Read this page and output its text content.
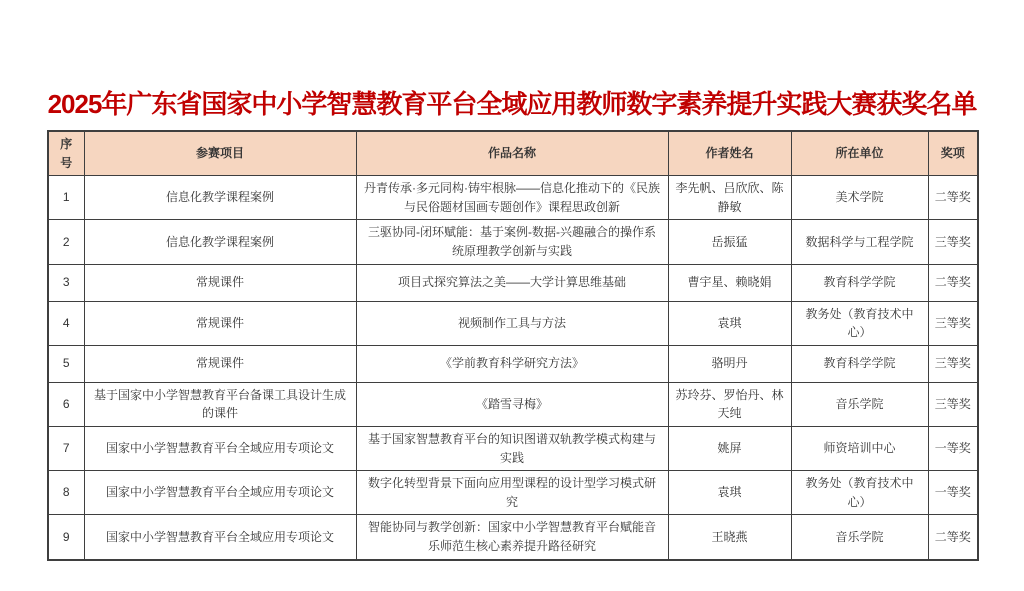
2025年广东省国家中小学智慧教育平台全域应用教师数字素养提升实践大赛获奖名单
序号	参赛项目	作品名称	作者姓名	所在单位	奖项
1	信息化教学课程案例	丹青传承·多元同构·铸牢根脉——信息化推动下的《民族与民俗题材国画专题创作》课程思政创新	李先帆、吕欣欣、陈静敏	美术学院	二等奖
2	信息化教学课程案例	三驱协同-闭环赋能：基于案例-数据-兴趣融合的操作系统原理教学创新与实践	岳振猛	数据科学与工程学院	三等奖
3	常规课件	项目式探究算法之美——大学计算思维基础	曹宇星、赖晓娟	教育科学学院	二等奖
4	常规课件	视频制作工具与方法	袁琪	教务处（教育技术中心）	三等奖
5	常规课件	《学前教育科学研究方法》	骆明丹	教育科学学院	三等奖
6	基于国家中小学智慧教育平台备课工具设计生成的课件	《踏雪寻梅》	苏玲芬、罗怡丹、林天纯	音乐学院	三等奖
7	国家中小学智慧教育平台全域应用专项论文	基于国家智慧教育平台的知识图谱双轨教学模式构建与实践	姚屏	师资培训中心	一等奖
8	国家中小学智慧教育平台全域应用专项论文	数字化转型背景下面向应用型课程的设计型学习模式研究	袁琪	教务处（教育技术中心）	一等奖
9	国家中小学智慧教育平台全域应用专项论文	智能协同与教学创新：国家中小学智慧教育平台赋能音乐师范生核心素养提升路径研究	王晓燕	音乐学院	二等奖
